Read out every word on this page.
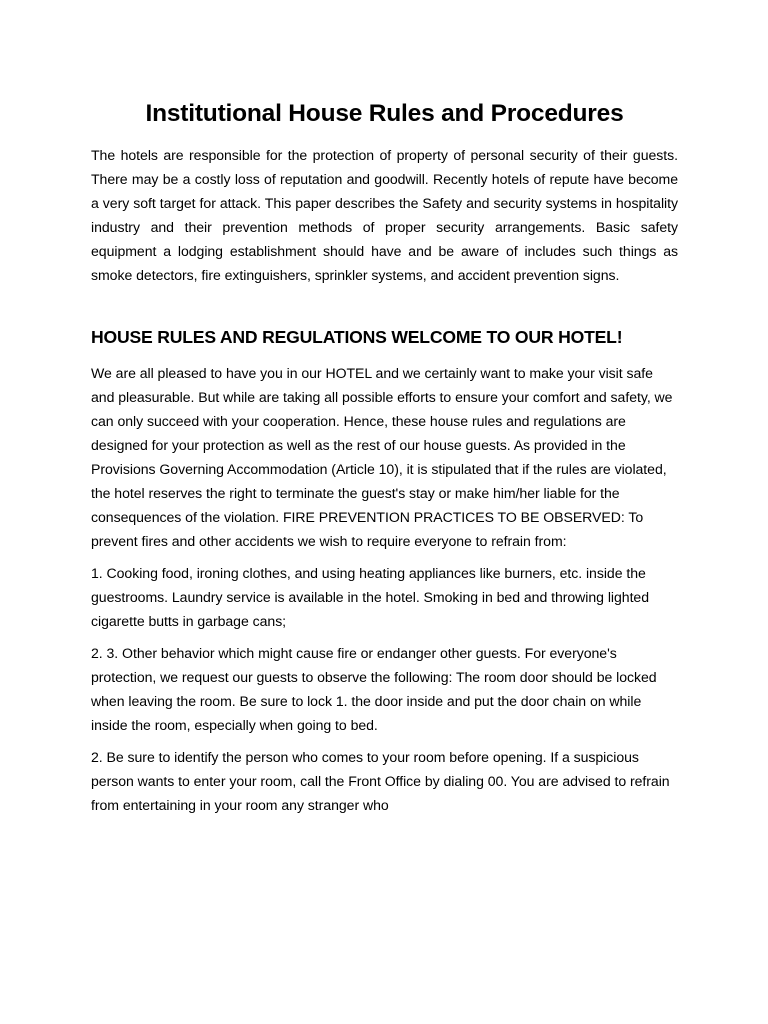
Institutional House Rules and Procedures

The hotels are responsible for the protection of property of personal security of their guests. There may be a costly loss of reputation and goodwill. Recently hotels of repute have become a very soft target for attack. This paper describes the Safety and security systems in hospitality industry and their prevention methods of proper security arrangements. Basic safety equipment a lodging establishment should have and be aware of includes such things as smoke detectors, fire extinguishers, sprinkler systems, and accident prevention signs.

HOUSE RULES AND REGULATIONS WELCOME TO OUR HOTEL!

We are all pleased to have you in our HOTEL and we certainly want to make your visit safe and pleasurable. But while are taking all possible efforts to ensure your comfort and safety, we can only succeed with your cooperation. Hence, these house rules and regulations are designed for your protection as well as the rest of our house guests. As provided in the Provisions Governing Accommodation (Article 10), it is stipulated that if the rules are violated, the hotel reserves the right to terminate the guest's stay or make him/her liable for the consequences of the violation. FIRE PREVENTION PRACTICES TO BE OBSERVED: To prevent fires and other accidents we wish to require everyone to refrain from:

1. Cooking food, ironing clothes, and using heating appliances like burners, etc. inside the guestrooms. Laundry service is available in the hotel. Smoking in bed and throwing lighted cigarette butts in garbage cans;

2. 3. Other behavior which might cause fire or endanger other guests. For everyone's protection, we request our guests to observe the following: The room door should be locked when leaving the room. Be sure to lock 1. the door inside and put the door chain on while inside the room, especially when going to bed.

2. Be sure to identify the person who comes to your room before opening. If a suspicious person wants to enter your room, call the Front Office by dialing 00. You are advised to refrain from entertaining in your room any stranger who
